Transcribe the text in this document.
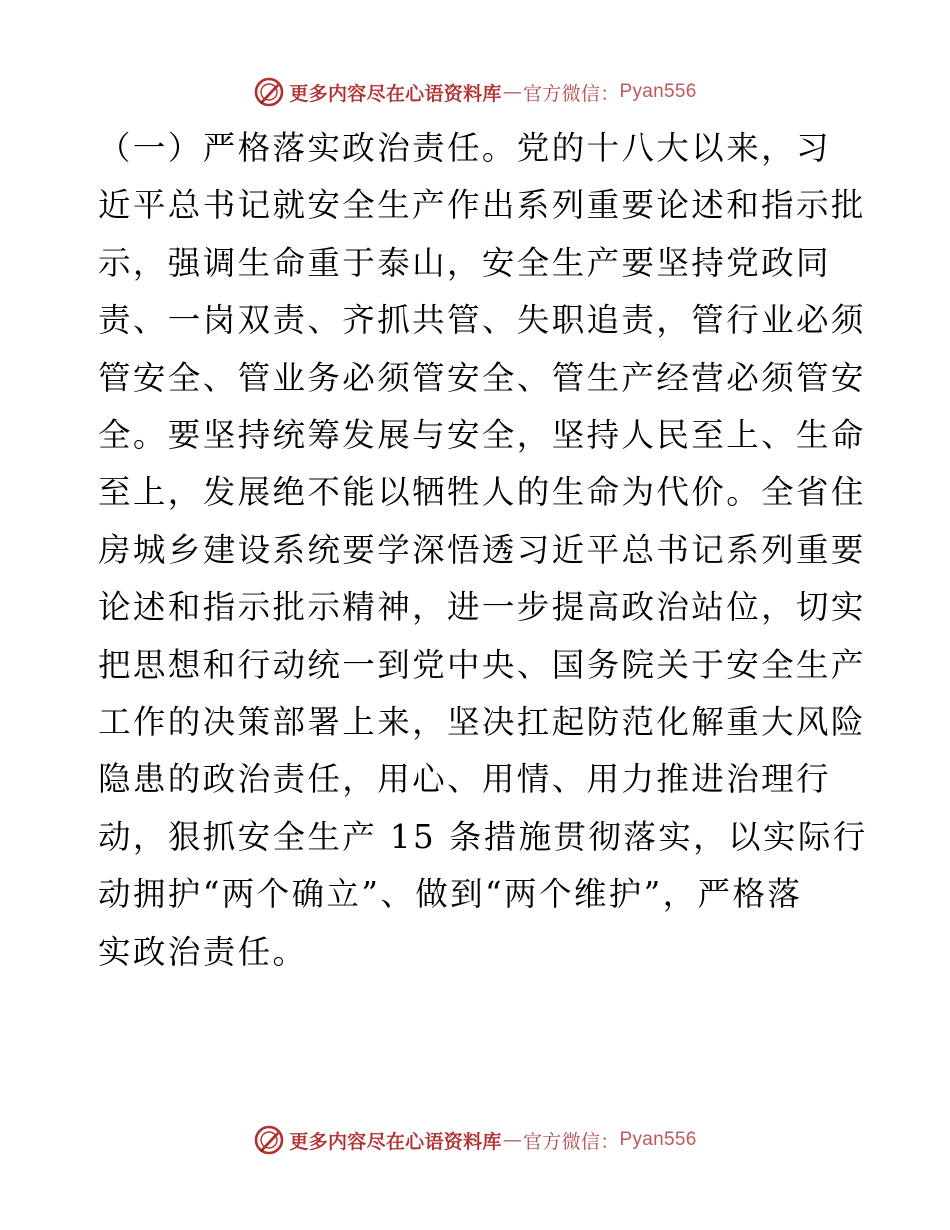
更多内容尽在心语资料库 — 官方微信： Pyan556

（一）严格落实政治责任。党的十八大以来，习
近平总书记就安全生产作出系列重要论述和指示批
示，强调生命重于泰山，安全生产要坚持党政同
责、一岗双责、齐抓共管、失职追责，管行业必须
管安全、管业务必须管安全、管生产经营必须管安
全。要坚持统筹发展与安全，坚持人民至上、生命
至上，发展绝不能以牺牲人的生命为代价。全省住
房城乡建设系统要学深悟透习近平总书记系列重要
论述和指示批示精神，进一步提高政治站位，切实
把思想和行动统一到党中央、国务院关于安全生产
工作的决策部署上来，坚决扛起防范化解重大风险
隐患的政治责任，用心、用情、用力推进治理行
动，狠抓安全生产 15 条措施贯彻落实，以实际行
动拥护“两个确立”、做到“两个维护”，严格落
实政治责任。

更多内容尽在心语资料库 — 官方微信： Pyan556
